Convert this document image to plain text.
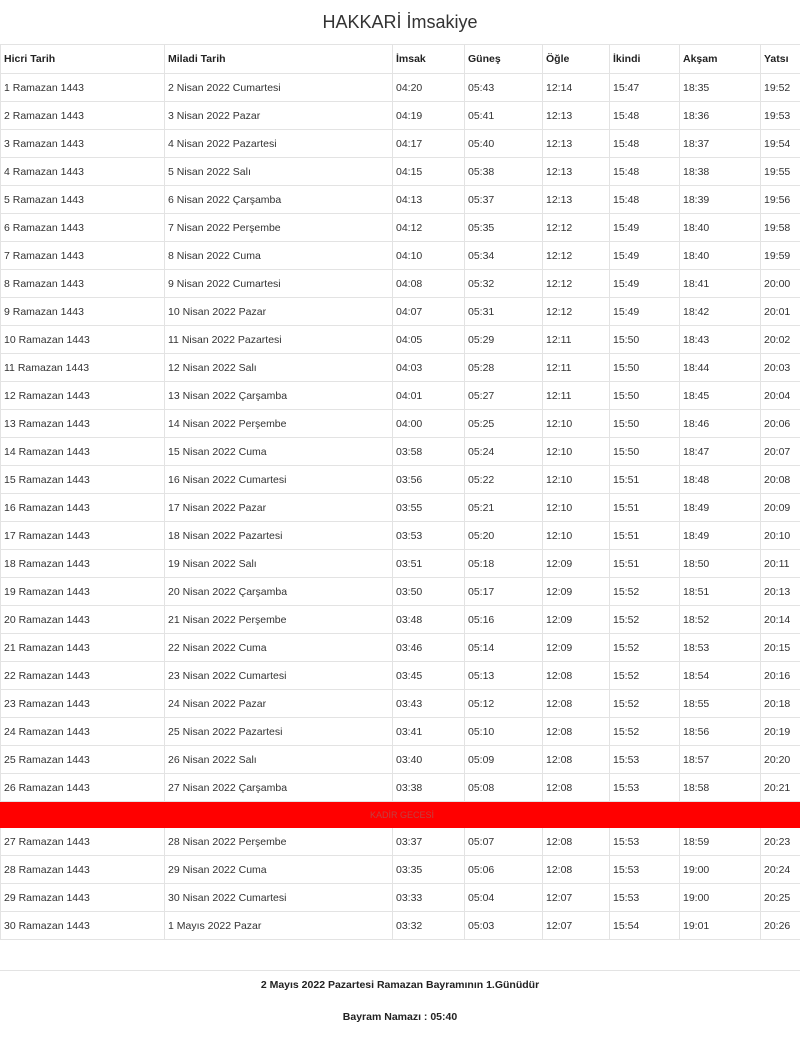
HAKKARİ İmsakiye
Hicri Tarih	Miladi Tarih	İmsak	Güneş	Öğle	İkindi	Akşam	Yatsı
1 Ramazan 1443	2 Nisan 2022 Cumartesi	04:20	05:43	12:14	15:47	18:35	19:52
2 Ramazan 1443	3 Nisan 2022 Pazar	04:19	05:41	12:13	15:48	18:36	19:53
3 Ramazan 1443	4 Nisan 2022 Pazartesi	04:17	05:40	12:13	15:48	18:37	19:54
4 Ramazan 1443	5 Nisan 2022 Salı	04:15	05:38	12:13	15:48	18:38	19:55
5 Ramazan 1443	6 Nisan 2022 Çarşamba	04:13	05:37	12:13	15:48	18:39	19:56
6 Ramazan 1443	7 Nisan 2022 Perşembe	04:12	05:35	12:12	15:49	18:40	19:58
7 Ramazan 1443	8 Nisan 2022 Cuma	04:10	05:34	12:12	15:49	18:40	19:59
8 Ramazan 1443	9 Nisan 2022 Cumartesi	04:08	05:32	12:12	15:49	18:41	20:00
9 Ramazan 1443	10 Nisan 2022 Pazar	04:07	05:31	12:12	15:49	18:42	20:01
10 Ramazan 1443	11 Nisan 2022 Pazartesi	04:05	05:29	12:11	15:50	18:43	20:02
11 Ramazan 1443	12 Nisan 2022 Salı	04:03	05:28	12:11	15:50	18:44	20:03
12 Ramazan 1443	13 Nisan 2022 Çarşamba	04:01	05:27	12:11	15:50	18:45	20:04
13 Ramazan 1443	14 Nisan 2022 Perşembe	04:00	05:25	12:10	15:50	18:46	20:06
14 Ramazan 1443	15 Nisan 2022 Cuma	03:58	05:24	12:10	15:50	18:47	20:07
15 Ramazan 1443	16 Nisan 2022 Cumartesi	03:56	05:22	12:10	15:51	18:48	20:08
16 Ramazan 1443	17 Nisan 2022 Pazar	03:55	05:21	12:10	15:51	18:49	20:09
17 Ramazan 1443	18 Nisan 2022 Pazartesi	03:53	05:20	12:10	15:51	18:49	20:10
18 Ramazan 1443	19 Nisan 2022 Salı	03:51	05:18	12:09	15:51	18:50	20:11
19 Ramazan 1443	20 Nisan 2022 Çarşamba	03:50	05:17	12:09	15:52	18:51	20:13
20 Ramazan 1443	21 Nisan 2022 Perşembe	03:48	05:16	12:09	15:52	18:52	20:14
21 Ramazan 1443	22 Nisan 2022 Cuma	03:46	05:14	12:09	15:52	18:53	20:15
22 Ramazan 1443	23 Nisan 2022 Cumartesi	03:45	05:13	12:08	15:52	18:54	20:16
23 Ramazan 1443	24 Nisan 2022 Pazar	03:43	05:12	12:08	15:52	18:55	20:18
24 Ramazan 1443	25 Nisan 2022 Pazartesi	03:41	05:10	12:08	15:52	18:56	20:19
25 Ramazan 1443	26 Nisan 2022 Salı	03:40	05:09	12:08	15:53	18:57	20:20
26 Ramazan 1443	27 Nisan 2022 Çarşamba	03:38	05:08	12:08	15:53	18:58	20:21
KADİR GECESİ							
27 Ramazan 1443	28 Nisan 2022 Perşembe	03:37	05:07	12:08	15:53	18:59	20:23
28 Ramazan 1443	29 Nisan 2022 Cuma	03:35	05:06	12:08	15:53	19:00	20:24
29 Ramazan 1443	30 Nisan 2022 Cumartesi	03:33	05:04	12:07	15:53	19:00	20:25
30 Ramazan 1443	1 Mayıs 2022 Pazar	03:32	05:03	12:07	15:54	19:01	20:26
2 Mayıs 2022 Pazartesi Ramazan Bayramının 1.Günüdür
Bayram Namazı : 05:40
